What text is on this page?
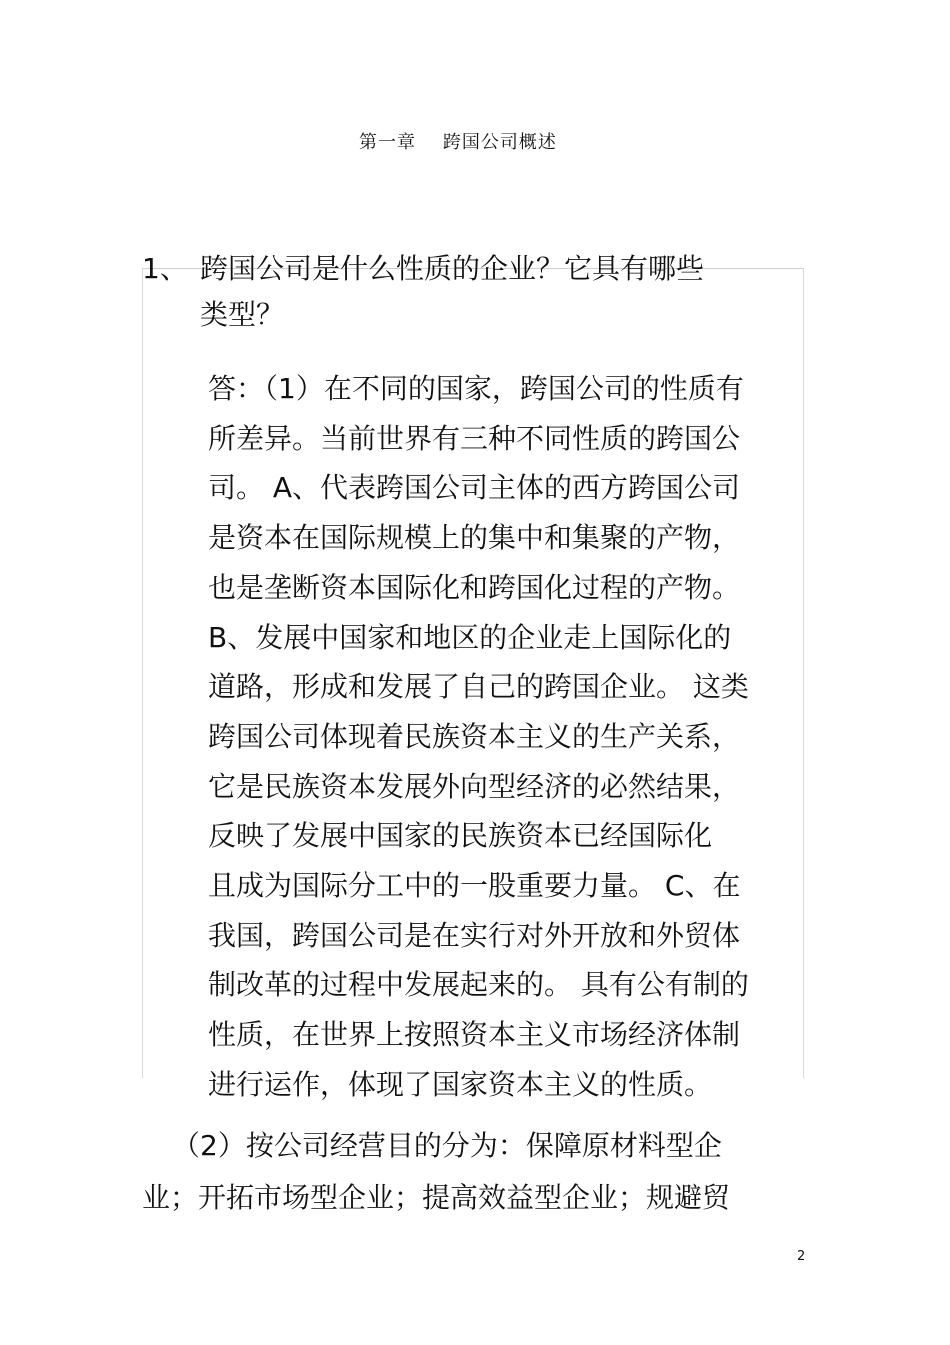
第一章    跨国公司概述
1、 跨国公司是什么性质的企业？它具有哪些
类型？
答：（1）在不同的国家，跨国公司的性质有
所差异。当前世界有三种不同性质的跨国公
司。 A、代表跨国公司主体的西方跨国公司
是资本在国际规模上的集中和集聚的产物，
也是垄断资本国际化和跨国化过程的产物。
B、发展中国家和地区的企业走上国际化的
道路，形成和发展了自己的跨国企业。 这类
跨国公司体现着民族资本主义的生产关系，
它是民族资本发展外向型经济的必然结果，
反映了发展中国家的民族资本已经国际化
且成为国际分工中的一股重要力量。 C、在
我国，跨国公司是在实行对外开放和外贸体
制改革的过程中发展起来的。 具有公有制的
性质，在世界上按照资本主义市场经济体制
进行运作，体现了国家资本主义的性质。
（2）按公司经营目的分为：保障原材料型企
业；开拓市场型企业；提高效益型企业；规避贸
2
